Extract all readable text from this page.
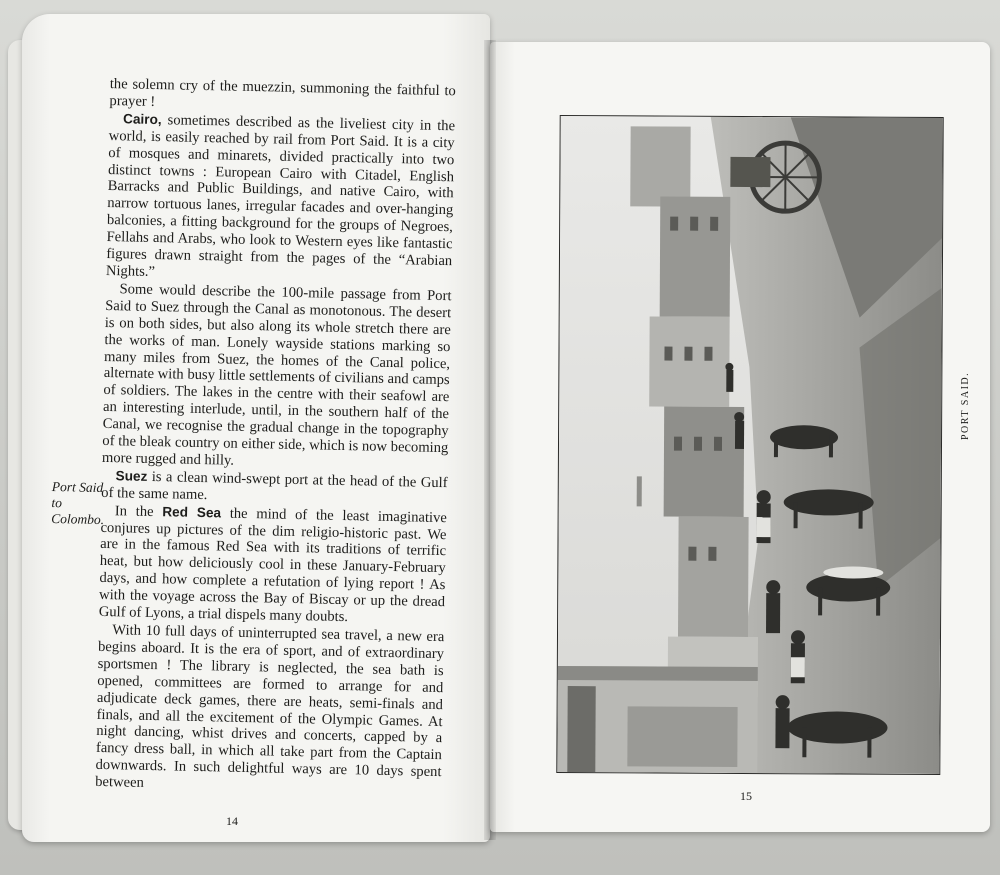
the solemn cry of the muezzin, summoning the faithful to prayer !

Cairo, sometimes described as the liveliest city in the world, is easily reached by rail from Port Said. It is a city of mosques and minarets, divided practically into two distinct towns : European Cairo with Citadel, English Barracks and Public Buildings, and native Cairo, with narrow tortuous lanes, irregular facades and over-hanging balconies, a fitting background for the groups of Negroes, Fellahs and Arabs, who look to Western eyes like fantastic figures drawn straight from the pages of the “Arabian Nights.”

Some would describe the 100-mile passage from Port Said to Suez through the Canal as monotonous. The desert is on both sides, but also along its whole stretch there are the works of man. Lonely wayside stations marking so many miles from Suez, the homes of the Canal police, alternate with busy little settlements of civilians and camps of soldiers. The lakes in the centre with their seafowl are an interesting interlude, until, in the southern half of the Canal, we recognise the gradual change in the topography of the bleak country on either side, which is now becoming more rugged and hilly.

Suez is a clean wind-swept port at the head of the Gulf of the same name.

In the Red Sea the mind of the least imaginative conjures up pictures of the dim religio-historic past. We are in the famous Red Sea with its traditions of terrific heat, but how deliciously cool in these January-February days, and how complete a refutation of lying report ! As with the voyage across the Bay of Biscay or up the dread Gulf of Lyons, a trial dispels many doubts.

With 10 full days of uninterrupted sea travel, a new era begins aboard. It is the era of sport, and of extraordinary sportsmen ! The library is neglected, the sea bath is opened, committees are formed to arrange for and adjudicate deck games, there are heats, semi-finals and finals, and all the excitement of the Olympic Games. At night dancing, whist drives and concerts, capped by a fancy dress ball, in which all take part from the Captain downwards. In such delightful ways are 10 days spent between

Port Said to Colombo.
14
PORT SAID.
15
